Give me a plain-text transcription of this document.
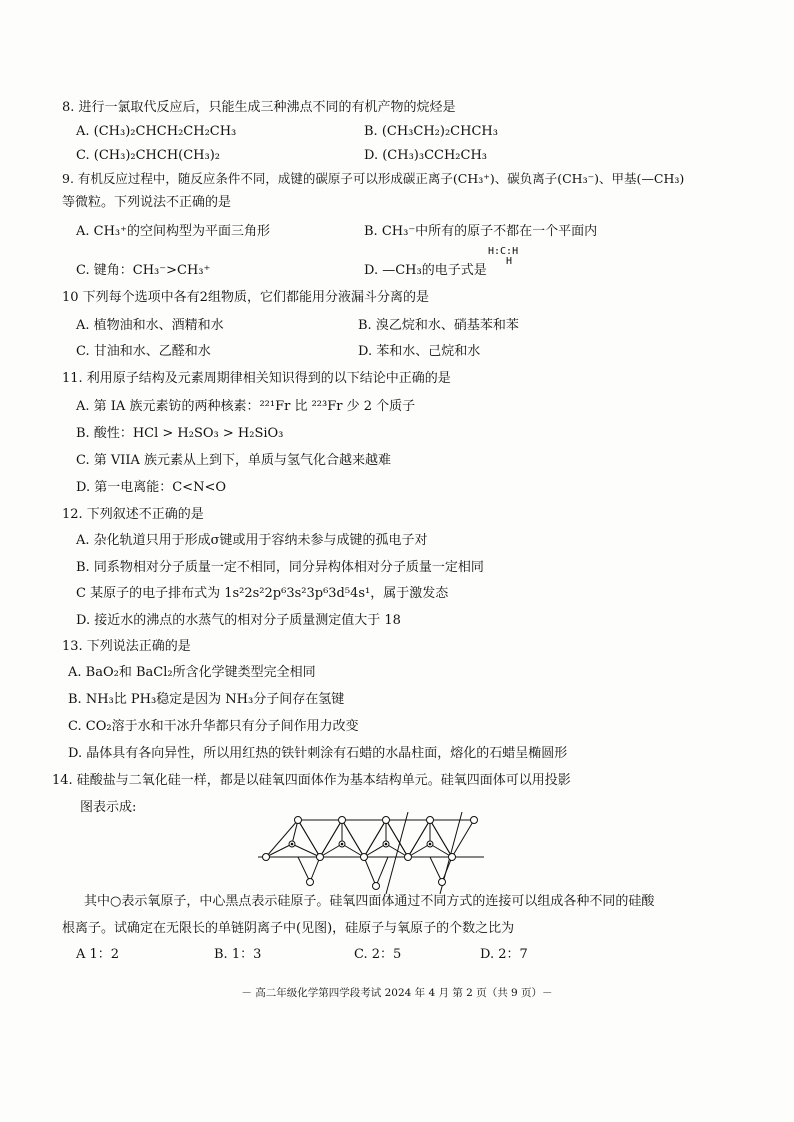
8. 进行一氯取代反应后，只能生成三种沸点不同的有机产物的烷烃是
A. (CH₃)₂CHCH₂CH₂CH₃	B. (CH₃CH₂)₂CHCH₃
C. (CH₃)₂CHCH(CH₃)₂	D. (CH₃)₃CCH₂CH₃
9. 有机反应过程中，随反应条件不同，成键的碳原子可以形成碳正离子(CH₃⁺)、碳负离子(CH₃⁻)、甲基(—CH₃)
等微粒。下列说法不正确的是
A. CH₃⁺的空间构型为平面三角形	B. CH₃⁻中所有的原子不都在一个平面内
C. 键角：CH₃⁻>CH₃⁺	D. —CH₃的电子式是
H:C:H
H
10 下列每个选项中各有2组物质，它们都能用分液漏斗分离的是
A. 植物油和水、酒精和水	B. 溴乙烷和水、硝基苯和苯
C. 甘油和水、乙醛和水	D. 苯和水、己烷和水
11. 利用原子结构及元素周期律相关知识得到的以下结论中正确的是
A. 第 IA 族元素钫的两种核素：²²¹Fr 比 ²²³Fr 少 2 个质子
B. 酸性：HCl > H₂SO₃ > H₂SiO₃
C. 第 VIIA 族元素从上到下，单质与氢气化合越来越难
D. 第一电离能：C<N<O
12. 下列叙述不正确的是
A. 杂化轨道只用于形成σ键或用于容纳未参与成键的孤电子对
B. 同系物相对分子质量一定不相同，同分异构体相对分子质量一定相同
C 某原子的电子排布式为 1s²2s²2p⁶3s²3p⁶3d⁵4s¹，属于激发态
D. 接近水的沸点的水蒸气的相对分子质量测定值大于 18
13. 下列说法正确的是
A. BaO₂和 BaCl₂所含化学键类型完全相同
B. NH₃比 PH₃稳定是因为 NH₃分子间存在氢键
C. CO₂溶于水和干冰升华都只有分子间作用力改变
D. 晶体具有各向异性，所以用红热的铁针刺涂有石蜡的水晶柱面，熔化的石蜡呈椭圆形
14. 硅酸盐与二氧化硅一样，都是以硅氧四面体作为基本结构单元。硅氧四面体可以用投影
图表示成:
其中○表示氧原子，中心黑点表示硅原子。硅氧四面体通过不同方式的连接可以组成各种不同的硅酸
根离子。试确定在无限长的单链阴离子中(见图)，硅原子与氧原子的个数之比为
A 1：2	B. 1：3	C. 2：5	D. 2：7
－ 高二年级化学第四学段考试 2024 年 4 月 第 2 页（共 9 页）－
